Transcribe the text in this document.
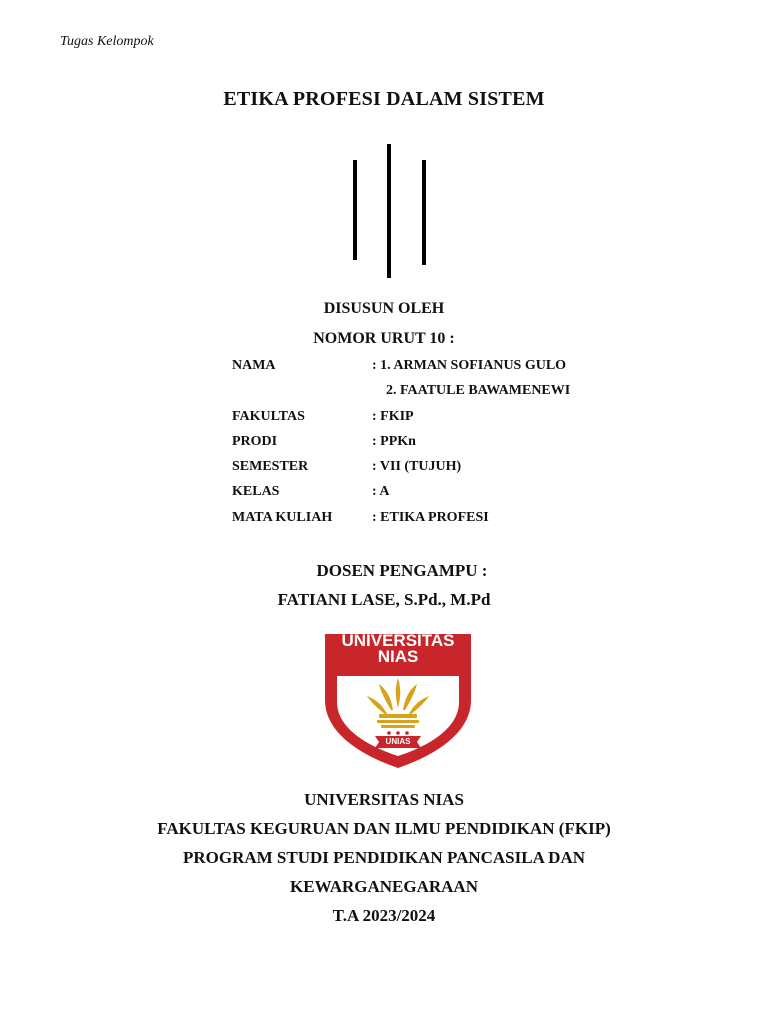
Tugas Kelompok
ETIKA PROFESI DALAM SISTEM
DISUSUN OLEH
NOMOR URUT 10 :
NAMA	: 1. ARMAN SOFIANUS GULO
2. FAATULE BAWAMENEWI
FAKULTAS	: FKIP
PRODI	: PPKn
SEMESTER	: VII (TUJUH)
KELAS	: A
MATA KULIAH	: ETIKA PROFESI
DOSEN PENGAMPU :
FATIANI LASE, S.Pd., M.Pd
UNIVERSITAS
NIAS
UNIAS
UNIVERSITAS NIAS
FAKULTAS KEGURUAN DAN ILMU PENDIDIKAN (FKIP)
PROGRAM STUDI PENDIDIKAN PANCASILA DAN
KEWARGANEGARAAN
T.A 2023/2024
